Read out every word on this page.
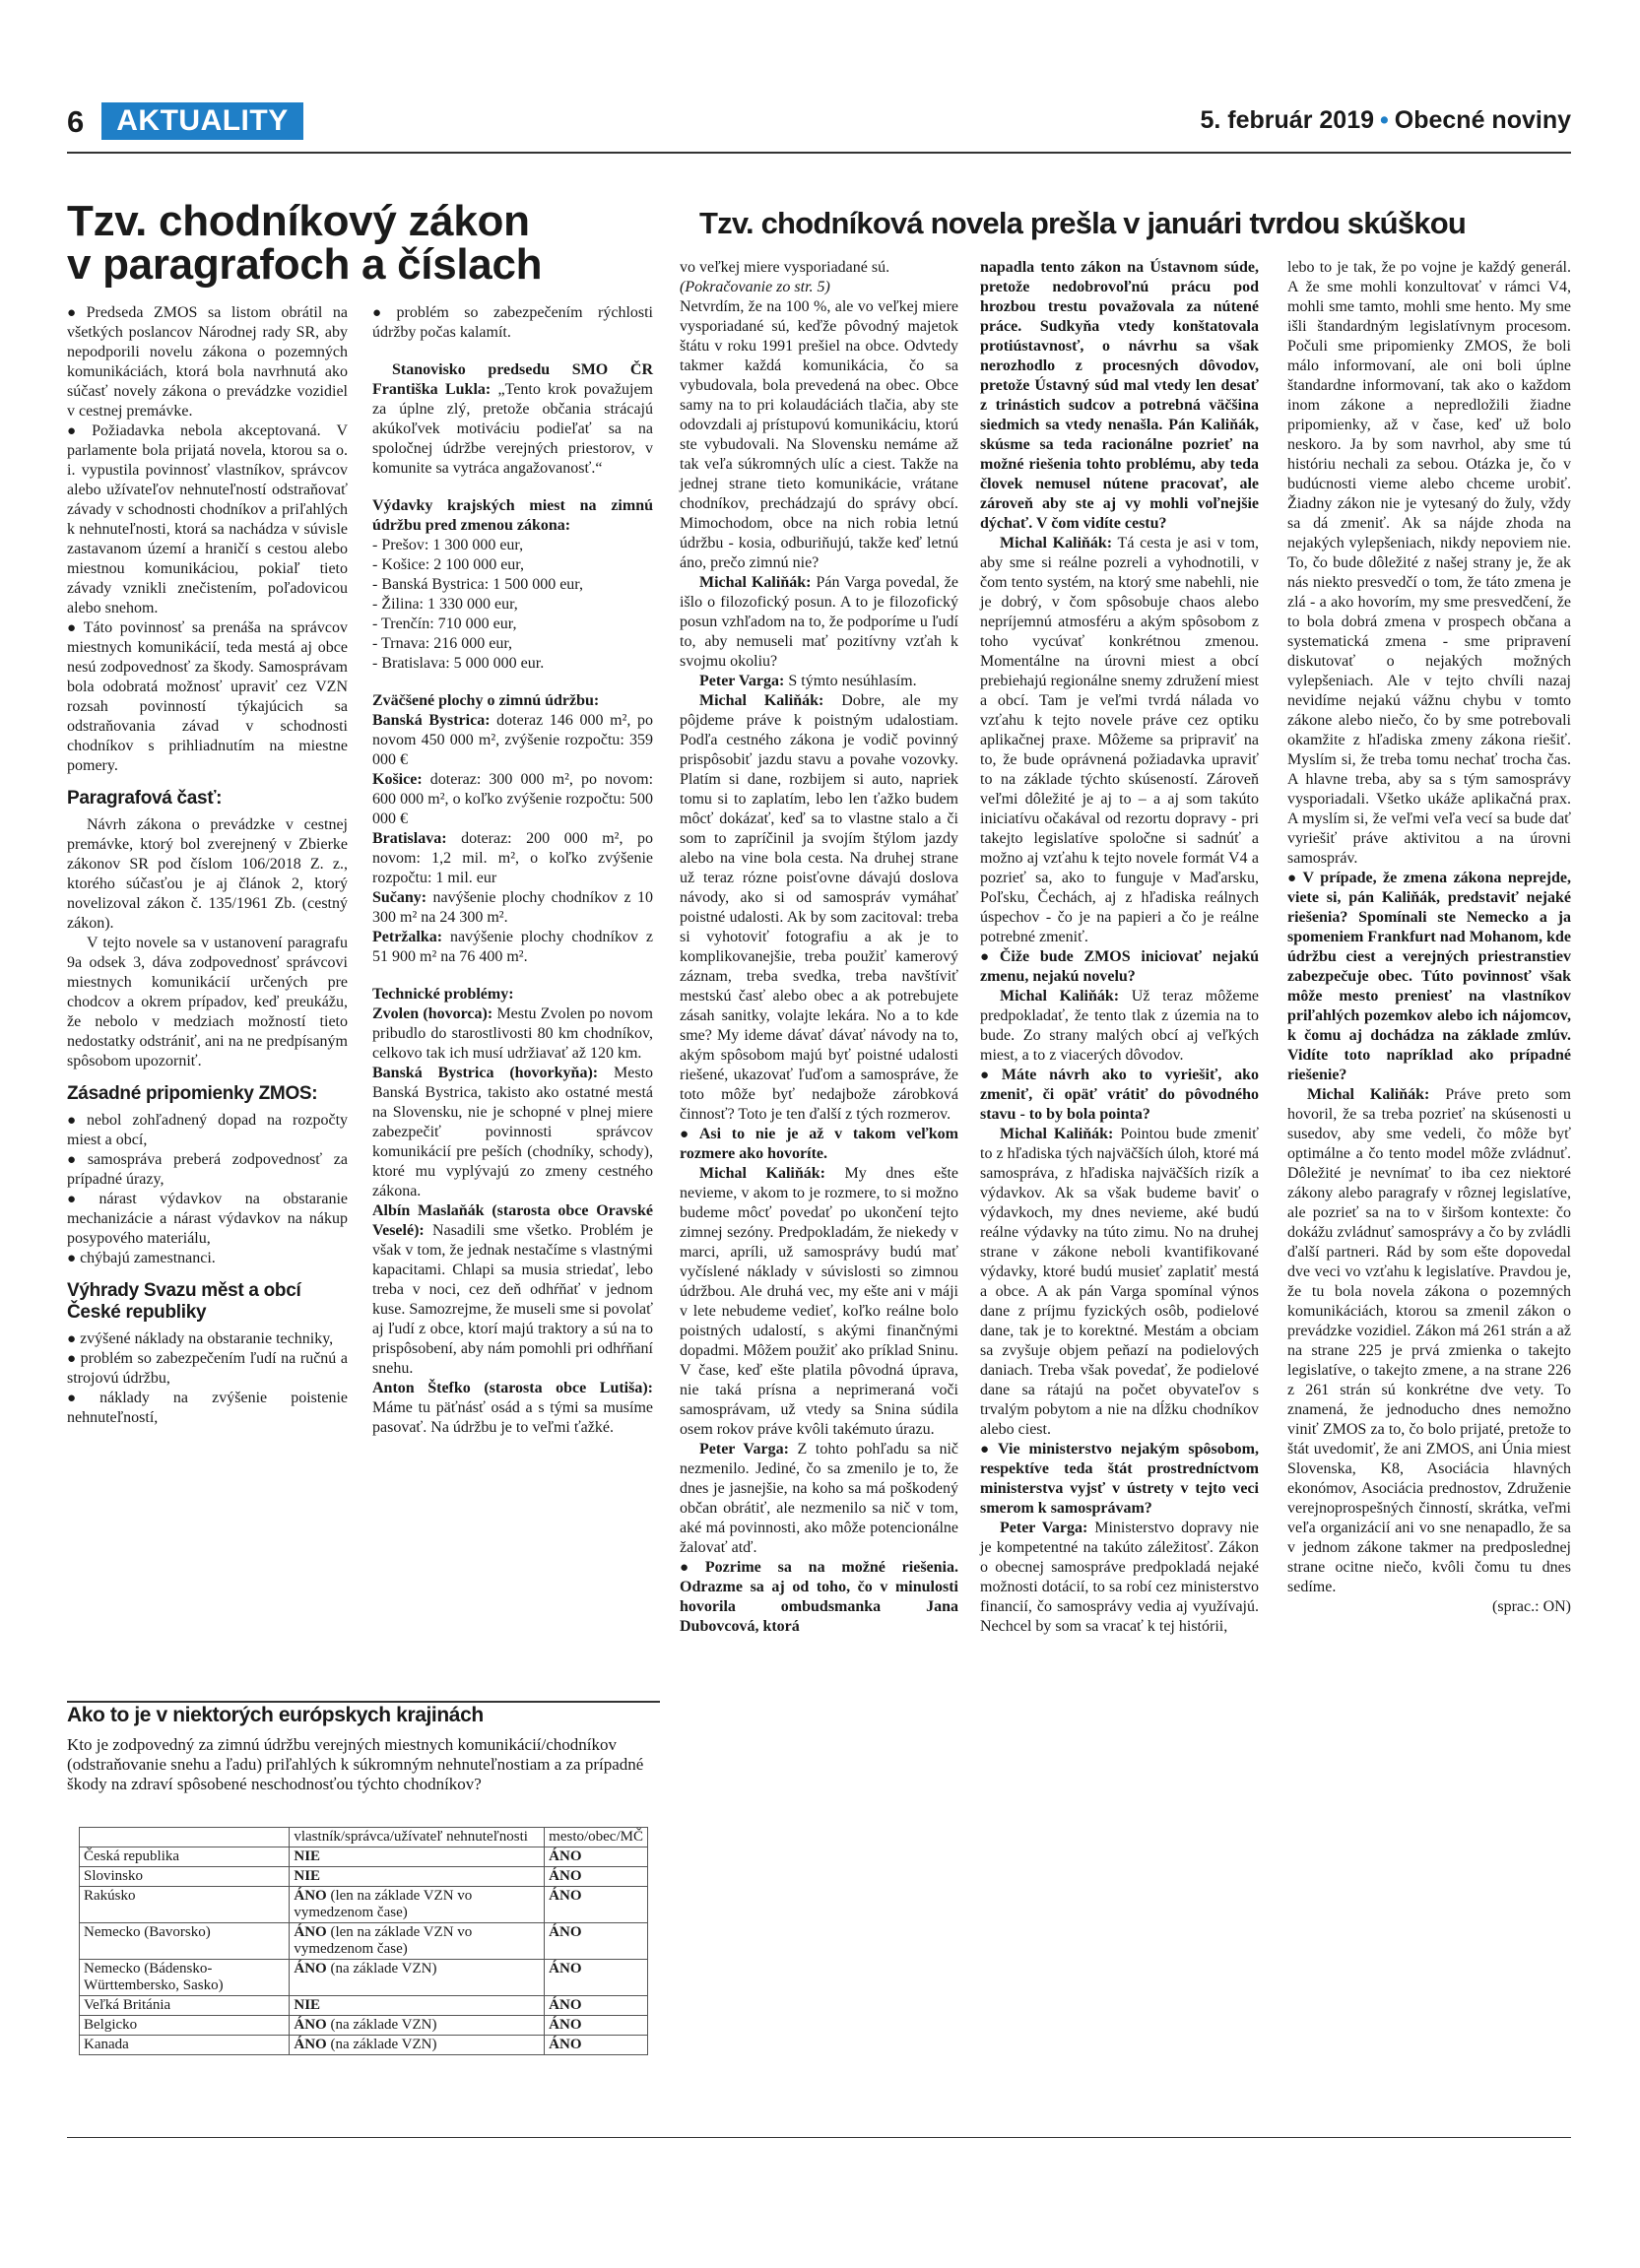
6	AKTUALITY	5. február 2019 • Obecné noviny
Tzv. chodníkový zákon
v paragrafoch a číslach
Tzv. chodníková novela prešla v januári tvrdou skúškou

● Predseda ZMOS sa listom obrátil na všetkých poslancov Národnej rady SR, aby nepodporili novelu zákona o pozemných komunikáciách, ktorá bola navrhnutá ako súčasť novely zákona o prevádzke vozidiel v cestnej premávke.

● Požiadavka nebola akceptovaná. V parlamente bola prijatá novela, ktorou sa o. i. vypustila povinnosť vlastníkov, správcov alebo užívateľov nehnuteľností odstraňovať závady v schodnosti chodníkov a priľahlých k nehnuteľnosti, ktorá sa nachádza v súvisle zastavanom území a hraničí s cestou alebo miestnou komunikáciou, pokiaľ tieto závady vznikli znečistením, poľadovicou alebo snehom.

● Táto povinnosť sa prenáša na správcov miestnych komunikácií, teda mestá aj obce nesú zodpovednosť za škody. Samosprávam bola odobratá možnosť upraviť cez VZN rozsah povinností týkajúcich sa odstraňovania závad v schodnosti chodníkov s prihliadnutím na miestne pomery.

Paragrafová časť:

Návrh zákona o prevádzke v cestnej premávke, ktorý bol zverejnený v Zbierke zákonov SR pod číslom 106/2018 Z. z., ktorého súčasťou je aj článok 2, ktorý novelizoval zákon č. 135/1961 Zb. (cestný zákon).

V tejto novele sa v ustanovení paragrafu 9a odsek 3, dáva zodpovednosť správcovi miestnych komunikácií určených pre chodcov a okrem prípadov, keď preukážu, že nebolo v medziach možností tieto nedostatky odstrániť, ani na ne predpísaným spôsobom upozorniť.

Zásadné pripomienky ZMOS:

● nebol zohľadnený dopad na rozpočty miest a obcí,

● samospráva preberá zodpovednosť za prípadné úrazy,

● nárast výdavkov na obstaranie mechanizácie a nárast výdavkov na nákup posypového materiálu,

● chýbajú zamestnanci.

Výhrady Svazu měst a obcí České republiky

● zvýšené náklady na obstaranie techniky,

● problém so zabezpečením ľudí na ručnú a strojovú údržbu,

● náklady na zvýšenie poistenie nehnuteľností,

● problém so zabezpečením rýchlosti údržby počas kalamít.

Stanovisko predsedu SMO ČR Františka Lukla: „Tento krok považujem za úplne zlý, pretože občania strácajú akúkoľvek motiváciu podieľať sa na spoločnej údržbe verejných priestorov, v komunite sa vytráca angažovanosť.“

Výdavky krajských miest na zimnú údržbu pred zmenou zákona:

- Prešov: 1 300 000 eur,

- Košice: 2 100 000 eur,

- Banská Bystrica: 1 500 000 eur,

- Žilina: 1 330 000 eur,

- Trenčín: 710 000 eur,

- Trnava: 216 000 eur,

- Bratislava: 5 000 000 eur.

Zväčšené plochy o zimnú údržbu:

Banská Bystrica: doteraz 146 000 m², po novom 450 000 m², zvýšenie rozpočtu: 359 000 €

Košice: doteraz: 300 000 m², po novom: 600 000 m², o koľko zvýšenie rozpočtu: 500 000 €

Bratislava: doteraz: 200 000 m², po novom: 1,2 mil. m², o koľko zvýšenie rozpočtu: 1 mil. eur

Sučany: navýšenie plochy chodníkov z 10 300 m² na 24 300 m².

Petržalka: navýšenie plochy chodníkov z 51 900 m² na 76 400 m².

Technické problémy:

Zvolen (hovorca): Mestu Zvolen po novom pribudlo do starostlivosti 80 km chodníkov, celkovo tak ich musí udržiavať až 120 km.

Banská Bystrica (hovorkyňa): Mesto Banská Bystrica, takisto ako ostatné mestá na Slovensku, nie je schopné v plnej miere zabezpečiť povinnosti správcov komunikácií pre peších (chodníky, schody), ktoré mu vyplývajú zo zmeny cestného zákona.

Albín Maslaňák (starosta obce Oravské Veselé): Nasadili sme všetko. Problém je však v tom, že jednak nestačíme s vlastnými kapacitami. Chlapi sa musia striedať, lebo treba v noci, cez deň odhŕňať v jednom kuse. Samozrejme, že museli sme si povolať aj ľudí z obce, ktorí majú traktory a sú na to prispôsobení, aby nám pomohli pri odhŕňaní snehu.

Anton Štefko (starosta obce Lutiša): Máme tu päťnásť osád a s tými sa musíme pasovať. Na údržbu je to veľmi ťažké.

Ako to je v niektorých európskych krajinách
Kto je zodpovedný za zimnú údržbu verejných miestnych komunikácií/chodníkov (odstraňovanie snehu a ľadu) priľahlých k súkromným nehnuteľnostiam a za prípadné škody na zdraví spôsobené neschodnosťou týchto chodníkov?
	vlastník/správca/užívateľ nehnuteľnosti	mesto/obec/MČ
Česká republika	NIE	ÁNO
Slovinsko	NIE	ÁNO
Rakúsko	ÁNO (len na základe VZN vo vymedzenom čase)	ÁNO
Nemecko (Bavorsko)	ÁNO (len na základe VZN vo vymedzenom čase)	ÁNO
Nemecko (Bádensko-Württembersko, Sasko)	ÁNO (na základe VZN)	ÁNO
Veľká Británia	NIE	ÁNO
Belgicko	ÁNO (na základe VZN)	ÁNO
Kanada	ÁNO (na základe VZN)	ÁNO

vo veľkej miere vysporiadané sú.

(Pokračovanie zo str. 5)

Netvrdím, že na 100 %, ale vo veľkej miere vysporiadané sú, keďže pôvodný majetok štátu v roku 1991 prešiel na obce. Odvtedy takmer každá komunikácia, čo sa vybudovala, bola prevedená na obec. Obce samy na to pri kolaudáciách tlačia, aby ste odovzdali aj prístupovú komunikáciu, ktorú ste vybudovali. Na Slovensku nemáme až tak veľa súkromných ulíc a ciest. Takže na jednej strane tieto komunikácie, vrátane chodníkov, prechádzajú do správy obcí. Mimochodom, obce na nich robia letnú údržbu - kosia, odburiňujú, takže keď letnú áno, prečo zimnú nie?

Michal Kaliňák: Pán Varga povedal, že išlo o filozofický posun. A to je filozofický posun vzhľadom na to, že podporíme u ľudí to, aby nemuseli mať pozitívny vzťah k svojmu okoliu?

Peter Varga: S týmto nesúhlasím.

Michal Kaliňák: Dobre, ale my pôjdeme práve k poistným udalostiam. Podľa cestného zákona je vodič povinný prispôsobiť jazdu stavu a povahe vozovky. Platím si dane, rozbijem si auto, napriek tomu si to zaplatím, lebo len ťažko budem môcť dokázať, keď sa to vlastne stalo a či som to zapríčinil ja svojím štýlom jazdy alebo na vine bola cesta. Na druhej strane už teraz rózne poisťovne dávajú doslova návody, ako si od samospráv vymáhať poistné udalosti. Ak by som zacitoval: treba si vyhotoviť fotografiu a ak je to komplikovanejšie, treba použiť kamerový záznam, treba svedka, treba navštíviť mestskú časť alebo obec a ak potrebujete zásah sanitky, volajte lekára. No a to kde sme? My ideme dávať dávať návody na to, akým spôsobom majú byť poistné udalosti riešené, ukazovať ľuďom a samospráve, že toto môže byť nedajbože zárobková činnosť? Toto je ten ďalší z tých rozmerov.

● Asi to nie je až v takom veľkom rozmere ako hovoríte.

Michal Kaliňák: My dnes ešte nevieme, v akom to je rozmere, to si možno budeme môcť povedať po ukončení tejto zimnej sezóny. Predpokladám, že niekedy v marci, apríli, už samosprávy budú mať vyčíslené náklady v súvislosti so zimnou údržbou. Ale druhá vec, my ešte ani v máji v lete nebudeme vedieť, koľko reálne bolo poistných udalostí, s akými finančnými dopadmi. Môžem použiť ako príklad Sninu. V čase, keď ešte platila pôvodná úprava, nie taká prísna a neprimeraná voči samosprávam, už vtedy sa Snina súdila osem rokov práve kvôli takémuto úrazu.

Peter Varga: Z tohto pohľadu sa nič nezmenilo. Jediné, čo sa zmenilo je to, že dnes je jasnejšie, na koho sa má poškodený občan obrátiť, ale nezmenilo sa nič v tom, aké má povinnosti, ako môže potencionálne žalovať atď.

● Pozrime sa na možné riešenia. Odrazme sa aj od toho, čo v minulosti hovorila ombudsmanka Jana Dubovcová, ktorá

napadla tento zákon na Ústavnom súde, pretože nedobrovoľnú prácu pod hrozbou trestu považovala za nútené práce. Sudkyňa vtedy konštatovala protiústavnosť, o návrhu sa však nerozhodlo z procesných dôvodov, pretože Ústavný súd mal vtedy len desať z trinástich sudcov a potrebná väčšina siedmich sa vtedy nenašla. Pán Kaliňák, skúsme sa teda racionálne pozrieť na možné riešenia tohto problému, aby teda človek nemusel nútene pracovať, ale zároveň aby ste aj vy mohli voľnejšie dýchať. V čom vidíte cestu?

Michal Kaliňák: Tá cesta je asi v tom, aby sme si reálne pozreli a vyhodnotili, v čom tento systém, na ktorý sme nabehli, nie je dobrý, v čom spôsobuje chaos alebo nepríjemnú atmosféru a akým spôsobom z toho vycúvať konkrétnou zmenou. Momentálne na úrovni miest a obcí prebiehajú regionálne snemy združení miest a obcí. Tam je veľmi tvrdá nálada vo vzťahu k tejto novele práve cez optiku aplikačnej praxe. Môžeme sa pripraviť na to, že bude oprávnená požiadavka upraviť to na základe týchto skúseností. Zároveň veľmi dôležité je aj to – a aj som takúto iniciatívu očakával od rezortu dopravy - pri takejto legislatíve spoločne si sadnúť a možno aj vzťahu k tejto novele formát V4 a pozrieť sa, ako to funguje v Maďarsku, Poľsku, Čechách, aj z hľadiska reálnych úspechov - čo je na papieri a čo je reálne potrebné zmeniť.

● Čiže bude ZMOS iniciovať nejakú zmenu, nejakú novelu?

Michal Kaliňák: Už teraz môžeme predpokladať, že tento tlak z územia na to bude. Zo strany malých obcí aj veľkých miest, a to z viacerých dôvodov.

● Máte návrh ako to vyriešiť, ako zmeniť, či opäť vrátiť do pôvodného stavu - to by bola pointa?

Michal Kaliňák: Pointou bude zmeniť to z hľadiska tých najväčších úloh, ktoré má samospráva, z hľadiska najväčších rizík a výdavkov. Ak sa však budeme baviť o výdavkoch, my dnes nevieme, aké budú reálne výdavky na túto zimu. No na druhej strane v zákone neboli kvantifikované výdavky, ktoré budú musieť zaplatiť mestá a obce. A ak pán Varga spomínal výnos dane z príjmu fyzických osôb, podielové dane, tak je to korektné. Mestám a obciam sa zvyšuje objem peňazí na podielových daniach. Treba však povedať, že podielové dane sa rátajú na počet obyvateľov s trvalým pobytom a nie na dĺžku chodníkov alebo ciest.

● Vie ministerstvo nejakým spôsobom, respektíve teda štát prostredníctvom ministerstva vyjsť v ústrety v tejto veci smerom k samosprávam?

Peter Varga: Ministerstvo dopravy nie je kompetentné na takúto záležitosť. Zákon o obecnej samospráve predpokladá nejaké možnosti dotácií, to sa robí cez ministerstvo financií, čo samosprávy vedia aj využívajú. Nechcel by som sa vracať k tej histórii,

lebo to je tak, že po vojne je každý generál. A že sme mohli konzultovať v rámci V4, mohli sme tamto, mohli sme hento. My sme išli štandardným legislatívnym procesom. Počuli sme pripomienky ZMOS, že boli málo informovaní, ale oni boli úplne štandardne informovaní, tak ako o každom inom zákone a nepredložili žiadne pripomienky, až v čase, keď už bolo neskoro. Ja by som navrhol, aby sme tú históriu nechali za sebou. Otázka je, čo v budúcnosti vieme alebo chceme urobiť. Žiadny zákon nie je vytesaný do žuly, vždy sa dá zmeniť. Ak sa nájde zhoda na nejakých vylepšeniach, nikdy nepoviem nie. To, čo bude dôležité z našej strany je, že ak nás niekto presvedčí o tom, že táto zmena je zlá - a ako hovorím, my sme presvedčení, že to bola dobrá zmena v prospech občana a systematická zmena - sme pripravení diskutovať o nejakých možných vylepšeniach. Ale v tejto chvíli nazaj nevidíme nejakú vážnu chybu v tomto zákone alebo niečo, čo by sme potrebovali okamžite z hľadiska zmeny zákona riešiť. Myslím si, že treba tomu nechať trocha čas. A hlavne treba, aby sa s tým samosprávy vysporiadali. Všetko ukáže aplikačná prax. A myslím si, že veľmi veľa vecí sa bude dať vyriešiť práve aktivitou a na úrovni samospráv.

● V prípade, že zmena zákona neprejde, viete si, pán Kaliňák, predstaviť nejaké riešenia? Spomínali ste Nemecko a ja spomeniem Frankfurt nad Mohanom, kde údržbu ciest a verejných priestranstiev zabezpečuje obec. Túto povinnosť však môže mesto preniesť na vlastníkov priľahlých pozemkov alebo ich nájomcov, k čomu aj dochádza na základe zmlúv. Vidíte toto napríklad ako prípadné riešenie?

Michal Kaliňák: Práve preto som hovoril, že sa treba pozrieť na skúsenosti u susedov, aby sme vedeli, čo môže byť optimálne a čo tento model môže zvládnuť. Dôležité je nevnímať to iba cez niektoré zákony alebo paragrafy v rôznej legislatíve, ale pozrieť sa na to v širšom kontexte: čo dokážu zvládnuť samosprávy a čo by zvládli ďalší partneri. Rád by som ešte dopovedal dve veci vo vzťahu k legislatíve. Pravdou je, že tu bola novela zákona o pozemných komunikáciách, ktorou sa zmenil zákon o prevádzke vozidiel. Zákon má 261 strán a až na strane 225 je prvá zmienka o takejto legislatíve, o takejto zmene, a na strane 226 z 261 strán sú konkrétne dve vety. To znamená, že jednoducho dnes nemožno viniť ZMOS za to, čo bolo prijaté, pretože to štát uvedomiť, že ani ZMOS, ani Únia miest Slovenska, K8, Asociácia hlavných ekonómov, Asociácia prednostov, Združenie verejnoprospešných činností, skrátka, veľmi veľa organizácií ani vo sne nenapadlo, že sa v jednom zákone takmer na predposlednej strane ocitne niečo, kvôli čomu tu dnes sedíme.

(sprac.: ON)
